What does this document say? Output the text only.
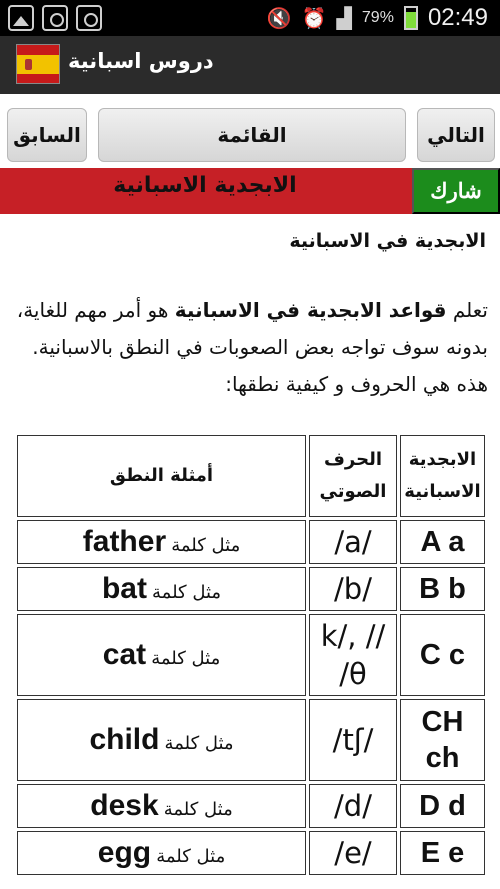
🔇 ⏰ ▟ 79% 02:49
دروس اسبانية
السابق	القائمة	التالي
الابجدية الاسبانية	شارك
الابجدية في الاسبانية

تعلم قواعد الابجدية في الاسبانية هو أمر مهم للغاية، بدونه سوف تواجه بعض الصعوبات في النطق بالاسبانية. هذه هي الحروف و كيفية نطقها:

الابجدية الاسبانية	الحرف الصوتي	أمثلة النطق
A a	/a/	مثل كلمة father
B b	/b/	مثل كلمة bat
C c	k/, // /θ	مثل كلمة cat
CH ch	/tʃ/	مثل كلمة child
D d	/d/	مثل كلمة desk
E e	/e/	مثل كلمة egg
